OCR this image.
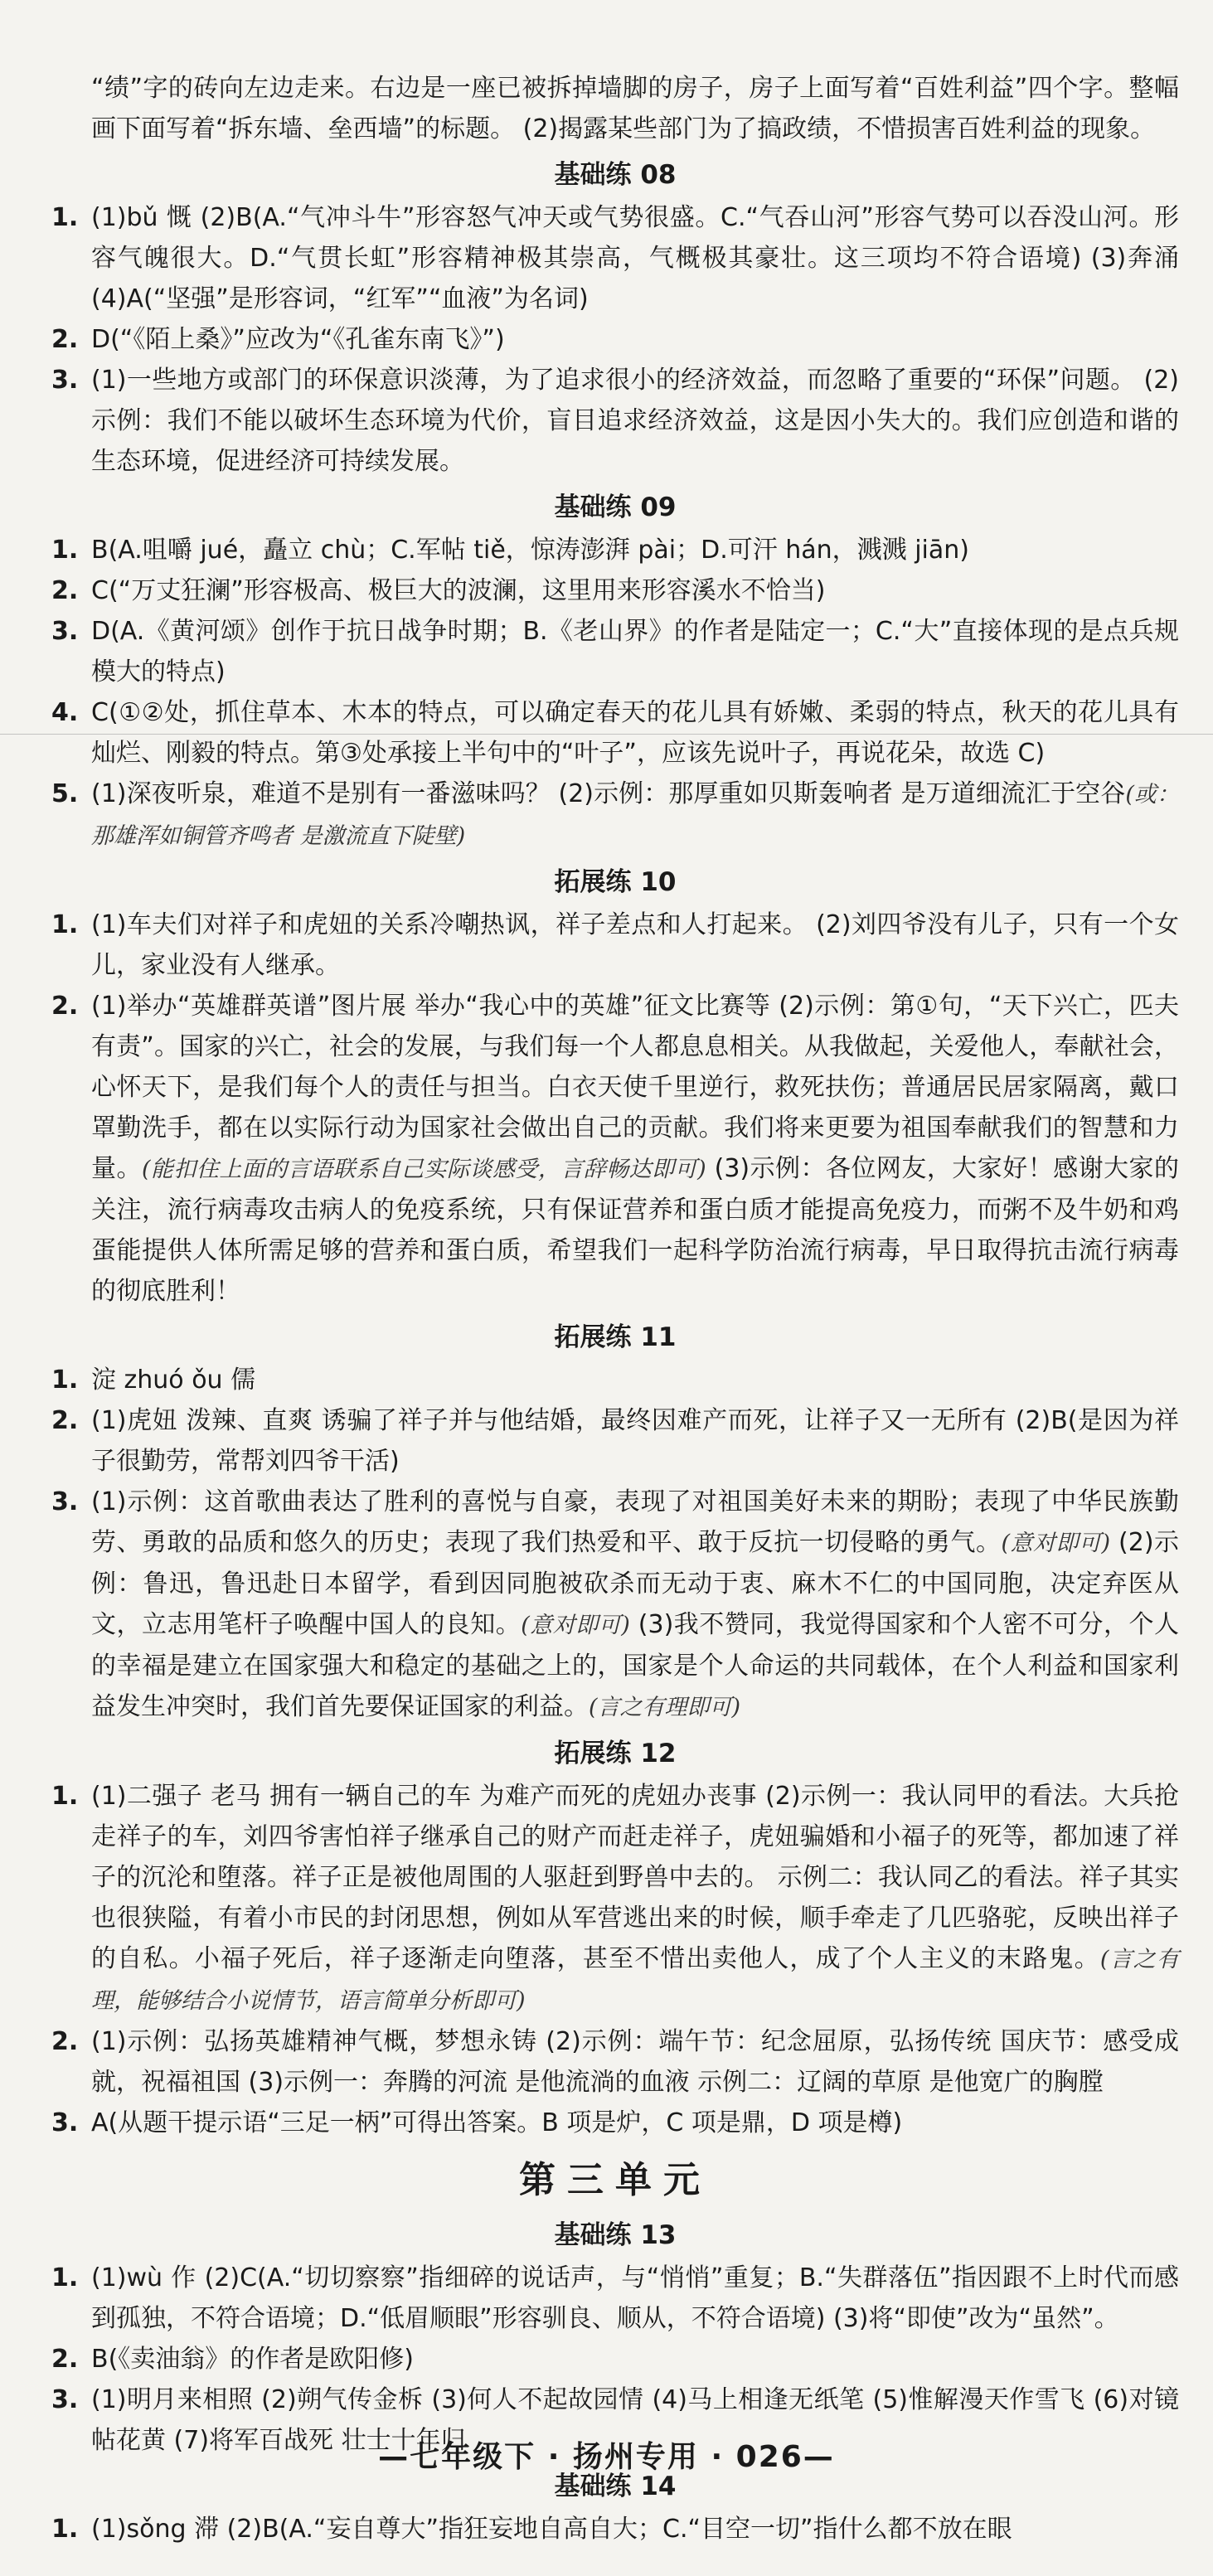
“绩”字的砖向左边走来。右边是一座已被拆掉墙脚的房子，房子上面写着“百姓利益”四个字。整幅画下面写着“拆东墙、垒西墙”的标题。 (2)揭露某些部门为了搞政绩，不惜损害百姓利益的现象。

基础练 08
1. (1)bǔ 慨 (2)B(A.“气冲斗牛”形容怒气冲天或气势很盛。C.“气吞山河”形容气势可以吞没山河。形容气魄很大。D.“气贯长虹”形容精神极其崇高，气概极其豪壮。这三项均不符合语境) (3)奔涌 (4)A(“坚强”是形容词，“红军”“血液”为名词)
2. D(“《陌上桑》”应改为“《孔雀东南飞》”)
3. (1)一些地方或部门的环保意识淡薄，为了追求很小的经济效益，而忽略了重要的“环保”问题。 (2)示例：我们不能以破坏生态环境为代价，盲目追求经济效益，这是因小失大的。我们应创造和谐的生态环境，促进经济可持续发展。
基础练 09
1. B(A.咀嚼 jué，矗立 chù；C.军帖 tiě，惊涛澎湃 pài；D.可汗 hán，溅溅 jiān)
2. C(“万丈狂澜”形容极高、极巨大的波澜，这里用来形容溪水不恰当)
3. D(A.《黄河颂》创作于抗日战争时期；B.《老山界》的作者是陆定一；C.“大”直接体现的是点兵规模大的特点)
4. C(①②处，抓住草本、木本的特点，可以确定春天的花儿具有娇嫩、柔弱的特点，秋天的花儿具有灿烂、刚毅的特点。第③处承接上半句中的“叶子”，应该先说叶子，再说花朵，故选 C)
5. (1)深夜听泉，难道不是别有一番滋味吗？ (2)示例：那厚重如贝斯轰响者 是万道细流汇于空谷(或：那雄浑如铜管齐鸣者 是激流直下陡壁)
拓展练 10
1. (1)车夫们对祥子和虎妞的关系冷嘲热讽，祥子差点和人打起来。 (2)刘四爷没有儿子，只有一个女儿，家业没有人继承。
2. (1)举办“英雄群英谱”图片展 举办“我心中的英雄”征文比赛等 (2)示例：第①句，“天下兴亡，匹夫有责”。国家的兴亡，社会的发展，与我们每一个人都息息相关。从我做起，关爱他人，奉献社会，心怀天下，是我们每个人的责任与担当。白衣天使千里逆行，救死扶伤；普通居民居家隔离，戴口罩勤洗手，都在以实际行动为国家社会做出自己的贡献。我们将来更要为祖国奉献我们的智慧和力量。(能扣住上面的言语联系自己实际谈感受，言辞畅达即可) (3)示例：各位网友，大家好！感谢大家的关注，流行病毒攻击病人的免疫系统，只有保证营养和蛋白质才能提高免疫力，而粥不及牛奶和鸡蛋能提供人体所需足够的营养和蛋白质，希望我们一起科学防治流行病毒，早日取得抗击流行病毒的彻底胜利！
拓展练 11
1. 淀 zhuó ǒu 儒
2. (1)虎妞 泼辣、直爽 诱骗了祥子并与他结婚，最终因难产而死，让祥子又一无所有 (2)B(是因为祥子很勤劳，常帮刘四爷干活)
3. (1)示例：这首歌曲表达了胜利的喜悦与自豪，表现了对祖国美好未来的期盼；表现了中华民族勤劳、勇敢的品质和悠久的历史；表现了我们热爱和平、敢于反抗一切侵略的勇气。(意对即可) (2)示例：鲁迅，鲁迅赴日本留学，看到因同胞被砍杀而无动于衷、麻木不仁的中国同胞，决定弃医从文，立志用笔杆子唤醒中国人的良知。(意对即可) (3)我不赞同，我觉得国家和个人密不可分，个人的幸福是建立在国家强大和稳定的基础之上的，国家是个人命运的共同载体，在个人利益和国家利益发生冲突时，我们首先要保证国家的利益。(言之有理即可)
拓展练 12
1. (1)二强子 老马 拥有一辆自己的车 为难产而死的虎妞办丧事 (2)示例一：我认同甲的看法。大兵抢走祥子的车，刘四爷害怕祥子继承自己的财产而赶走祥子，虎妞骗婚和小福子的死等，都加速了祥子的沉沦和堕落。祥子正是被他周围的人驱赶到野兽中去的。 示例二：我认同乙的看法。祥子其实也很狭隘，有着小市民的封闭思想，例如从军营逃出来的时候，顺手牵走了几匹骆驼，反映出祥子的自私。小福子死后，祥子逐渐走向堕落，甚至不惜出卖他人，成了个人主义的末路鬼。(言之有理，能够结合小说情节，语言简单分析即可)
2. (1)示例：弘扬英雄精神气概，梦想永铸 (2)示例：端午节：纪念屈原，弘扬传统 国庆节：感受成就，祝福祖国 (3)示例一：奔腾的河流 是他流淌的血液 示例二：辽阔的草原 是他宽广的胸膛
3. A(从题干提示语“三足一柄”可得出答案。B 项是炉，C 项是鼎，D 项是樽)
第三单元
基础练 13
1. (1)wù 作 (2)C(A.“切切察察”指细碎的说话声，与“悄悄”重复；B.“失群落伍”指因跟不上时代而感到孤独，不符合语境；D.“低眉顺眼”形容驯良、顺从，不符合语境) (3)将“即使”改为“虽然”。
2. B(《卖油翁》的作者是欧阳修)
3. (1)明月来相照 (2)朔气传金柝 (3)何人不起故园情 (4)马上相逢无纸笔 (5)惟解漫天作雪飞 (6)对镜帖花黄 (7)将军百战死 壮士十年归
基础练 14
1. (1)sǒng 滞 (2)B(A.“妄自尊大”指狂妄地自高自大；C.“目空一切”指什么都不放在眼
—七年级下 · 扬州专用 · 026—
